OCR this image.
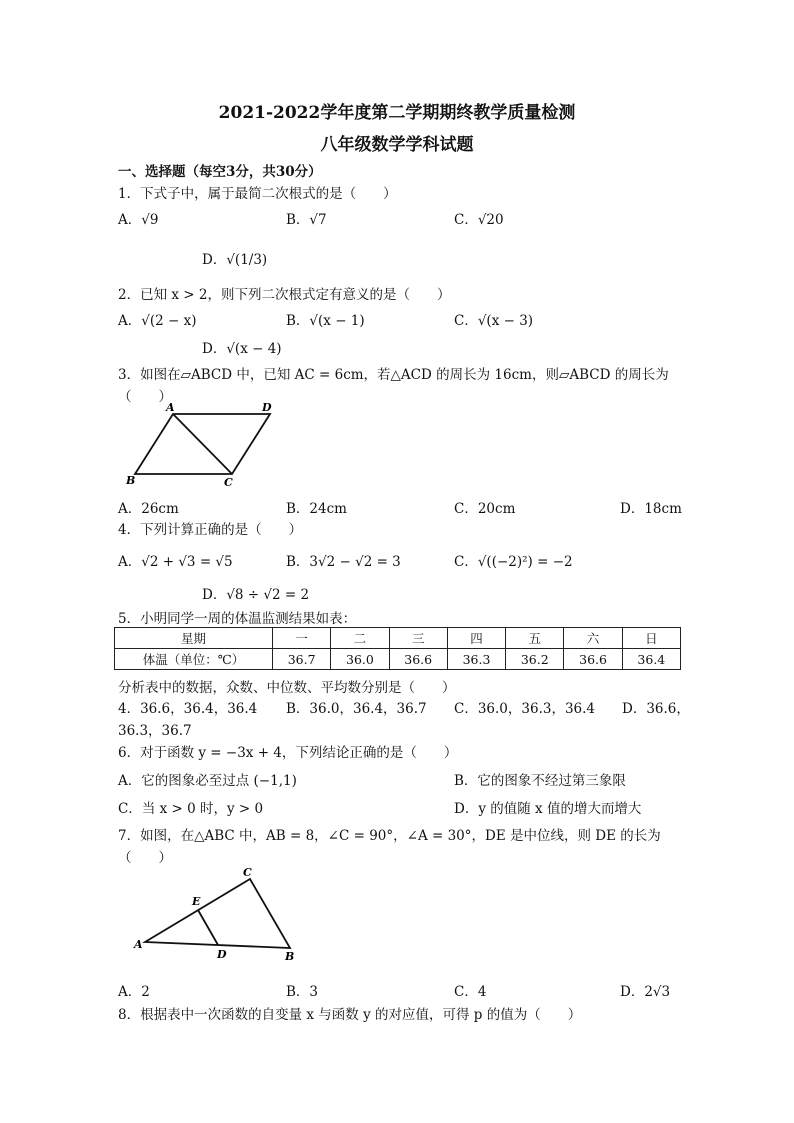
2021-2022学年度第二学期期终教学质量检测
八年级数学学科试题
一、选择题（每空3分，共30分）
1．下式子中，属于最简二次根式的是（　　）
A．√9	B．√7	C．√20
D．√(1/3)
2．已知 x > 2，则下列二次根式定有意义的是（　　）
A．√(2 − x)	B．√(x − 1)	C．√(x − 3)
D．√(x − 4)
3．如图在▱ABCD 中，已知 AC = 6cm，若△ACD 的周长为 16cm，则▱ABCD 的周长为
（　　）
A	D
B	C
A．26cm	B．24cm	C．20cm	D．18cm
4．下列计算正确的是（　　）
A．√2 + √3 = √5	B．3√2 − √2 = 3	C．√((−2)²) = −2
D．√8 ÷ √2 = 2
5．小明同学一周的体温监测结果如表：
星期	一	二	三	四	五	六	日
体温（单位：℃）	36.7	36.0	36.6	36.3	36.2	36.6	36.4
分析表中的数据，众数、中位数、平均数分别是（　　）
4．36.6，36.4，36.4 B．36.0，36.4，36.7 C．36.0，36.3，36.4 D．36.6，
36.3，36.7
6．对于函数 y = −3x + 4，下列结论正确的是（　　）
A．它的图象必至过点 (−1,1)	B．它的图象不经过第三象限
C．当 x > 0 时，y > 0	D．y 的值随 x 值的增大而增大
7．如图，在△ABC 中，AB = 8，∠C = 90°，∠A = 30°，DE 是中位线，则 DE 的长为
（　　）
C
E
A
D	B
A．2	B．3	C．4	D．2√3
8．根据表中一次函数的自变量 x 与函数 y 的对应值，可得 p 的值为（　　）
